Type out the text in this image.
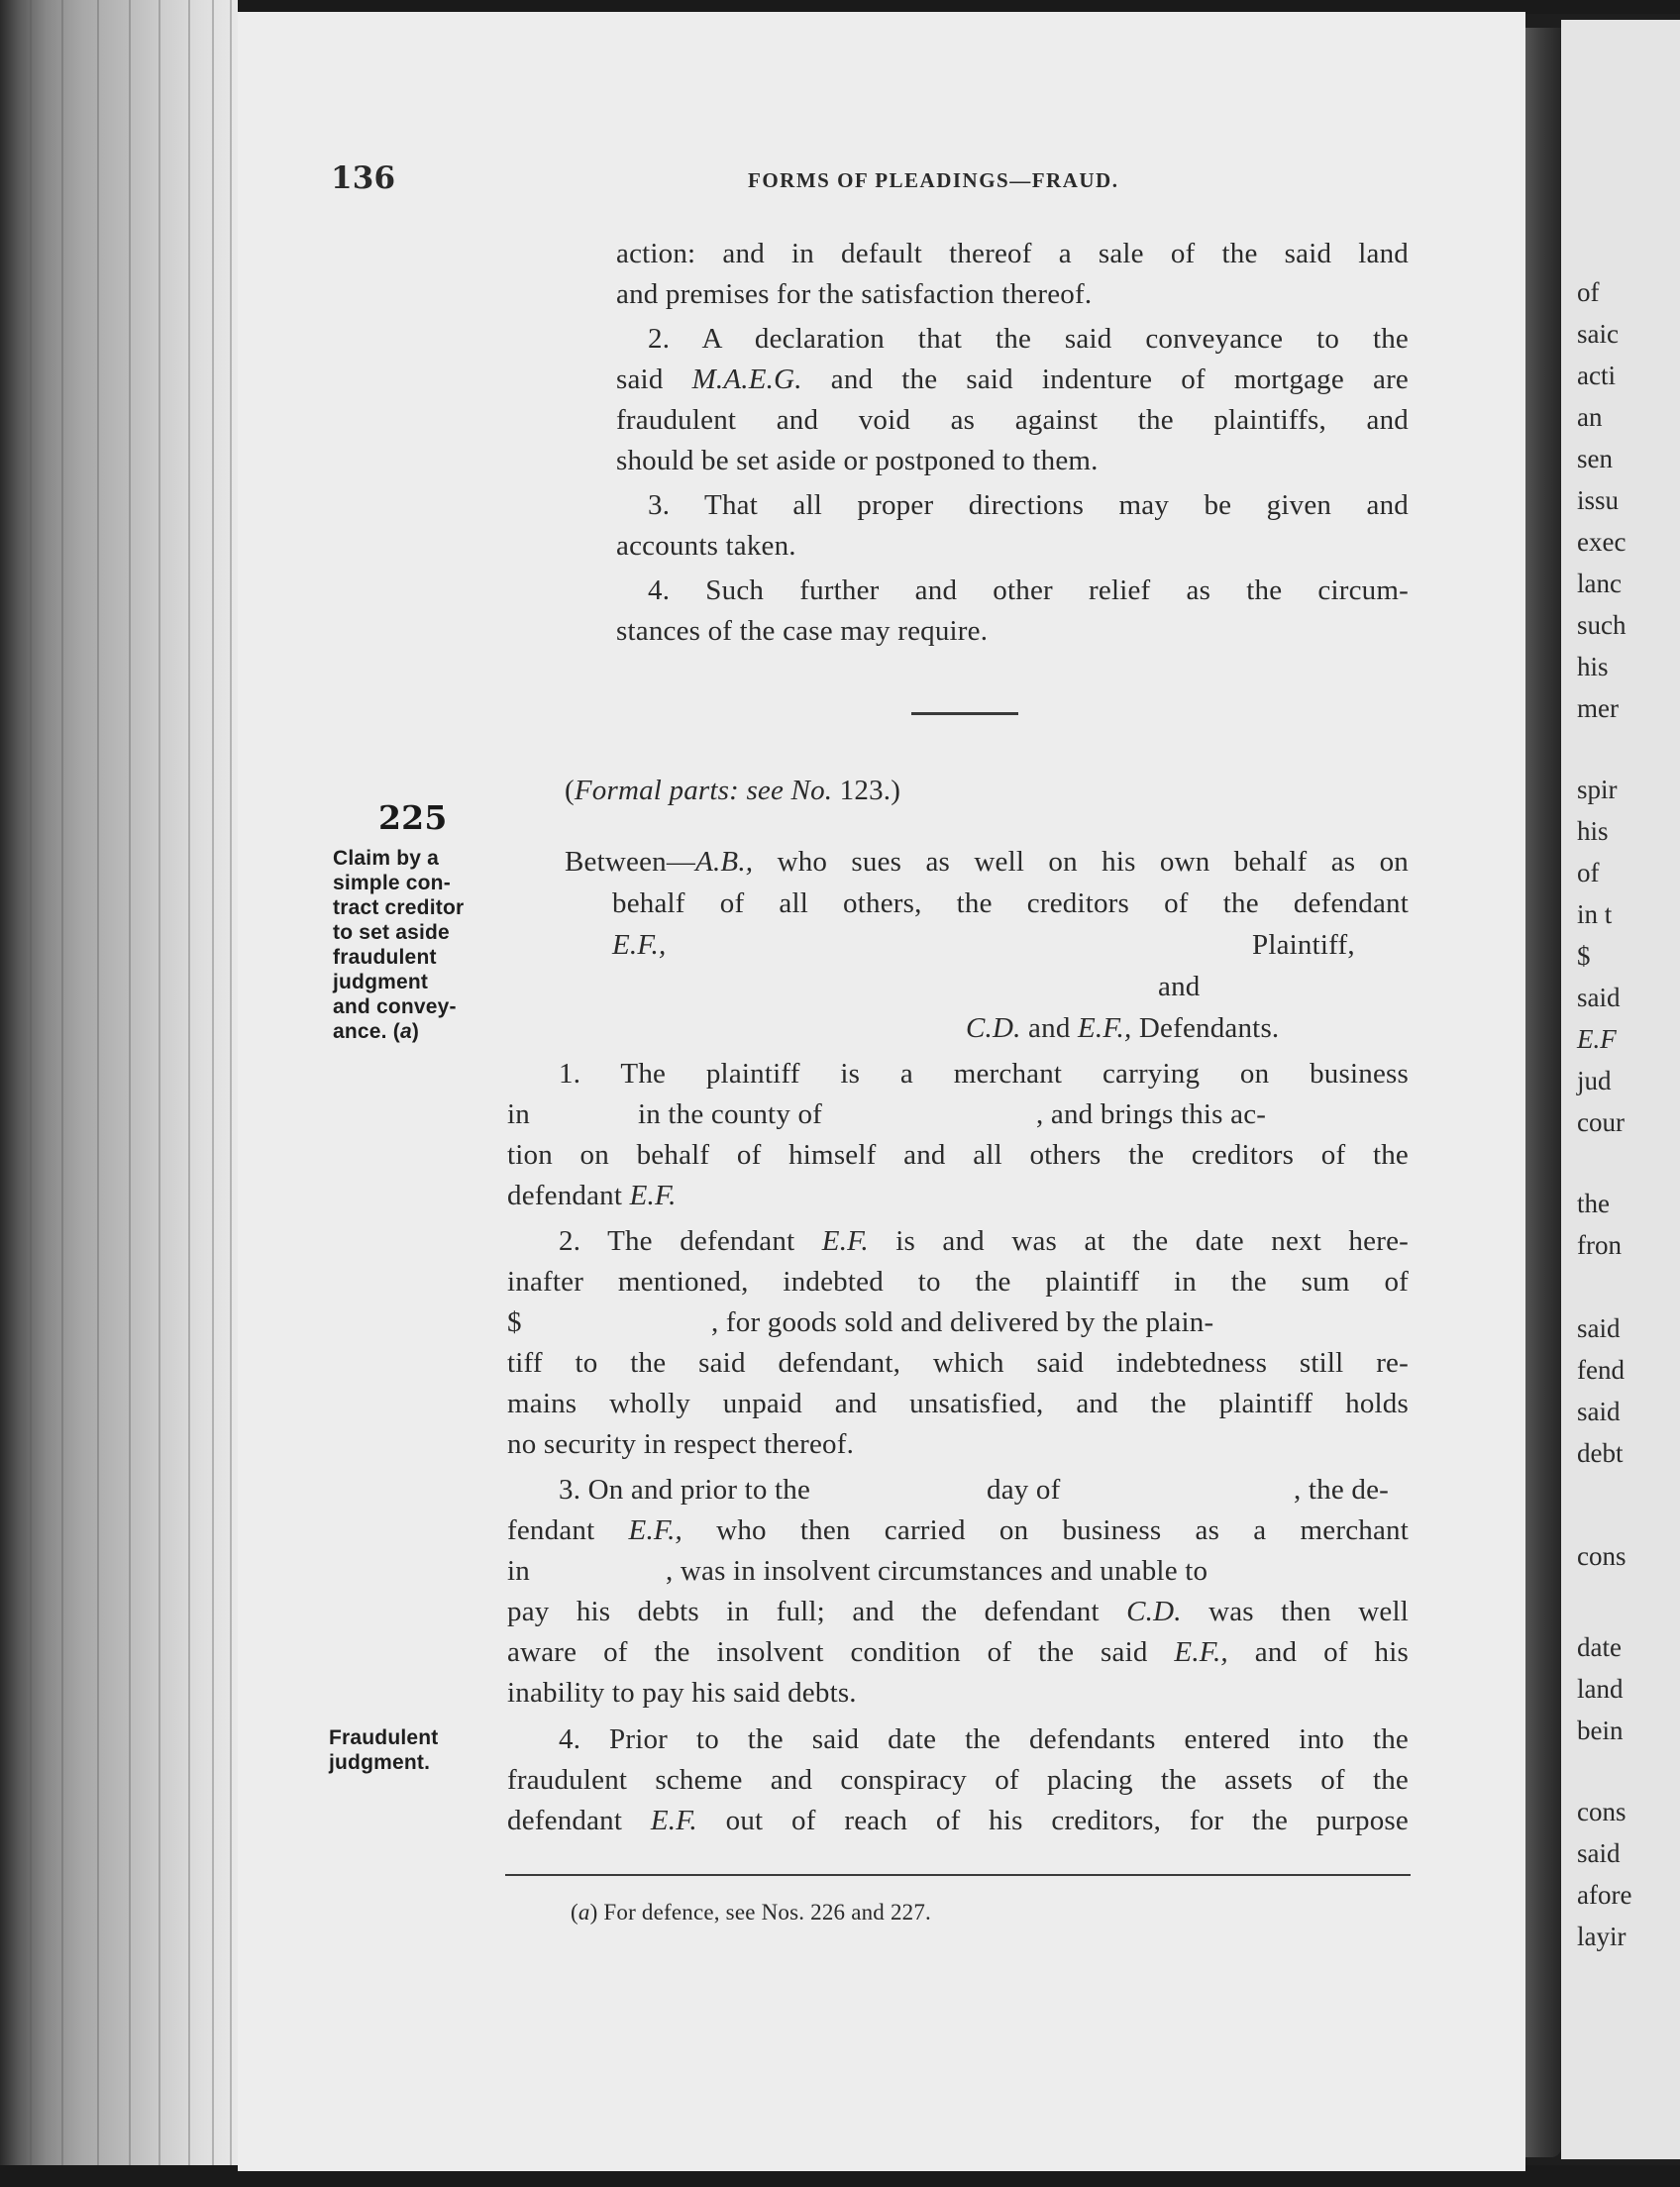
136	FORMS OF PLEADINGS—FRAUD.
action: and in default thereof a sale of the said land
and premises for the satisfaction thereof.
2. A declaration that the said conveyance to the
said M.A.E.G. and the said indenture of mortgage are
fraudulent and void as against the plaintiffs, and
should be set aside or postponed to them.
3. That all proper directions may be given and
accounts taken.
4. Such further and other relief as the circum-
stances of the case may require.
(Formal parts: see No. 123.)
225
Claim by a
simple con-
tract creditor
to set aside
fraudulent
judgment
and convey-
ance. (a)
Between—A.B., who sues as well on his own behalf as on
behalf of all others, the creditors of the defendant
E.F.,	Plaintiff,
and
C.D. and E.F., Defendants.
1. The plaintiff is a merchant carrying on business
in	in the county of	, and brings this ac-
tion on behalf of himself and all others the creditors of the
defendant E.F.
2. The defendant E.F. is and was at the date next here-
inafter mentioned, indebted to the plaintiff in the sum of
$	, for goods sold and delivered by the plain-
tiff to the said defendant, which said indebtedness still re-
mains wholly unpaid and unsatisfied, and the plaintiff holds
no security in respect thereof.
3. On and prior to the	day of	, the de-
fendant E.F., who then carried on business as a merchant
in	, was in insolvent circumstances and unable to
pay his debts in full; and the defendant C.D. was then well
aware of the insolvent condition of the said E.F., and of his
inability to pay his said debts.
Fraudulent
judgment.
4. Prior to the said date the defendants entered into the
fraudulent scheme and conspiracy of placing the assets of the
defendant E.F. out of reach of his creditors, for the purpose
(a) For defence, see Nos. 226 and 227.
of
saic
acti
an
sen
issu
exec
lanc
such
his
mer
spir
his
of
in t
$
said
E.F
jud
cour
the
fron
said
fend
said
debt
cons
date
land
bein
cons
said
afore
layir
